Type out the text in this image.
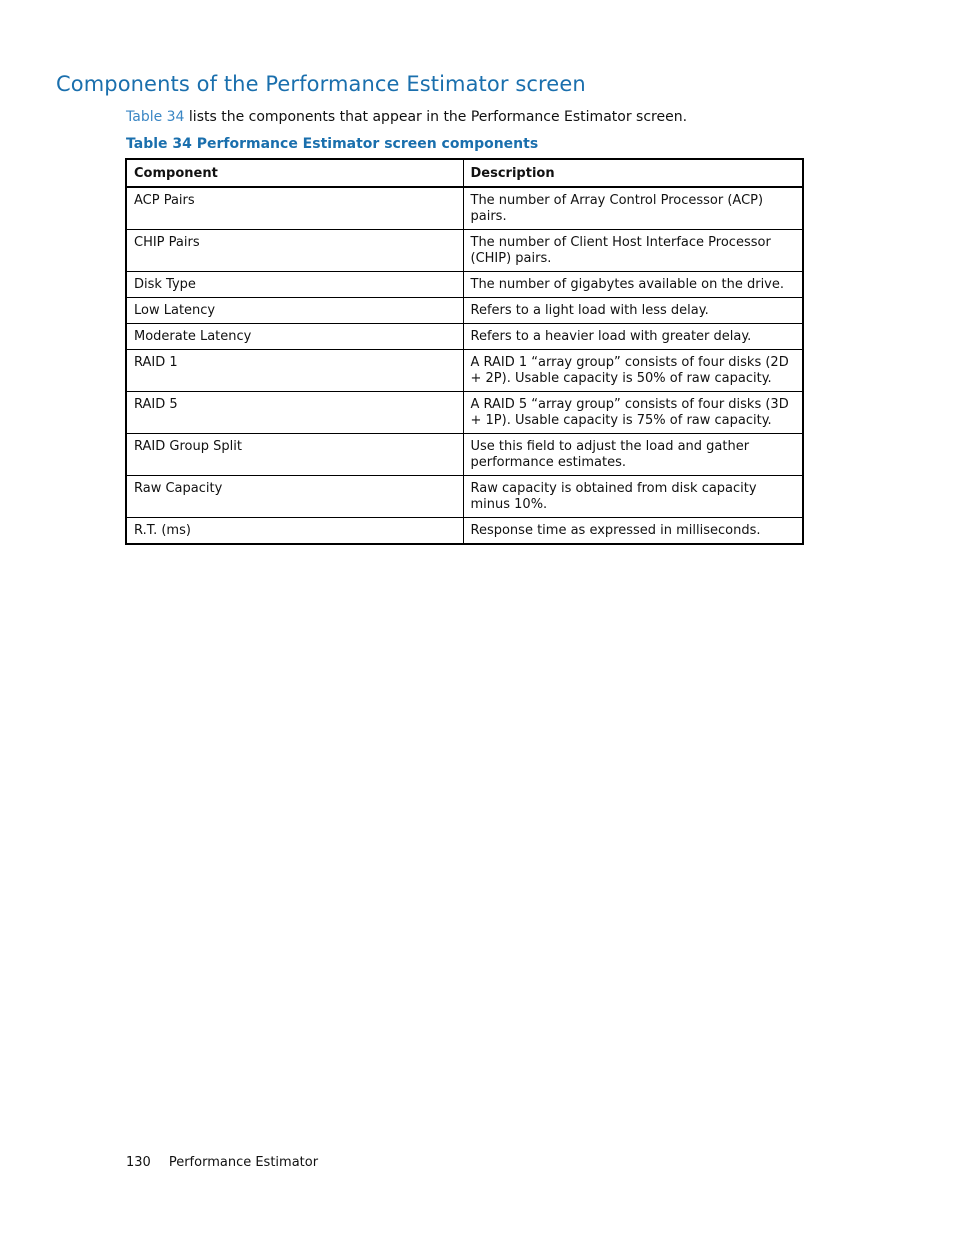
Components of the Performance Estimator screen

Table 34 lists the components that appear in the Performance Estimator screen.

Table 34 Performance Estimator screen components

Component	Description
ACP Pairs	The number of Array Control Processor (ACP) pairs.
CHIP Pairs	The number of Client Host Interface Processor (CHIP) pairs.
Disk Type	The number of gigabytes available on the drive.
Low Latency	Refers to a light load with less delay.
Moderate Latency	Refers to a heavier load with greater delay.
RAID 1	A RAID 1 “array group” consists of four disks (2D + 2P). Usable capacity is 50% of raw capacity.
RAID 5	A RAID 5 “array group” consists of four disks (3D + 1P). Usable capacity is 75% of raw capacity.
RAID Group Split	Use this field to adjust the load and gather performance estimates.
Raw Capacity	Raw capacity is obtained from disk capacity minus 10%.
R.T. (ms)	Response time as expressed in milliseconds.
130 Performance Estimator
